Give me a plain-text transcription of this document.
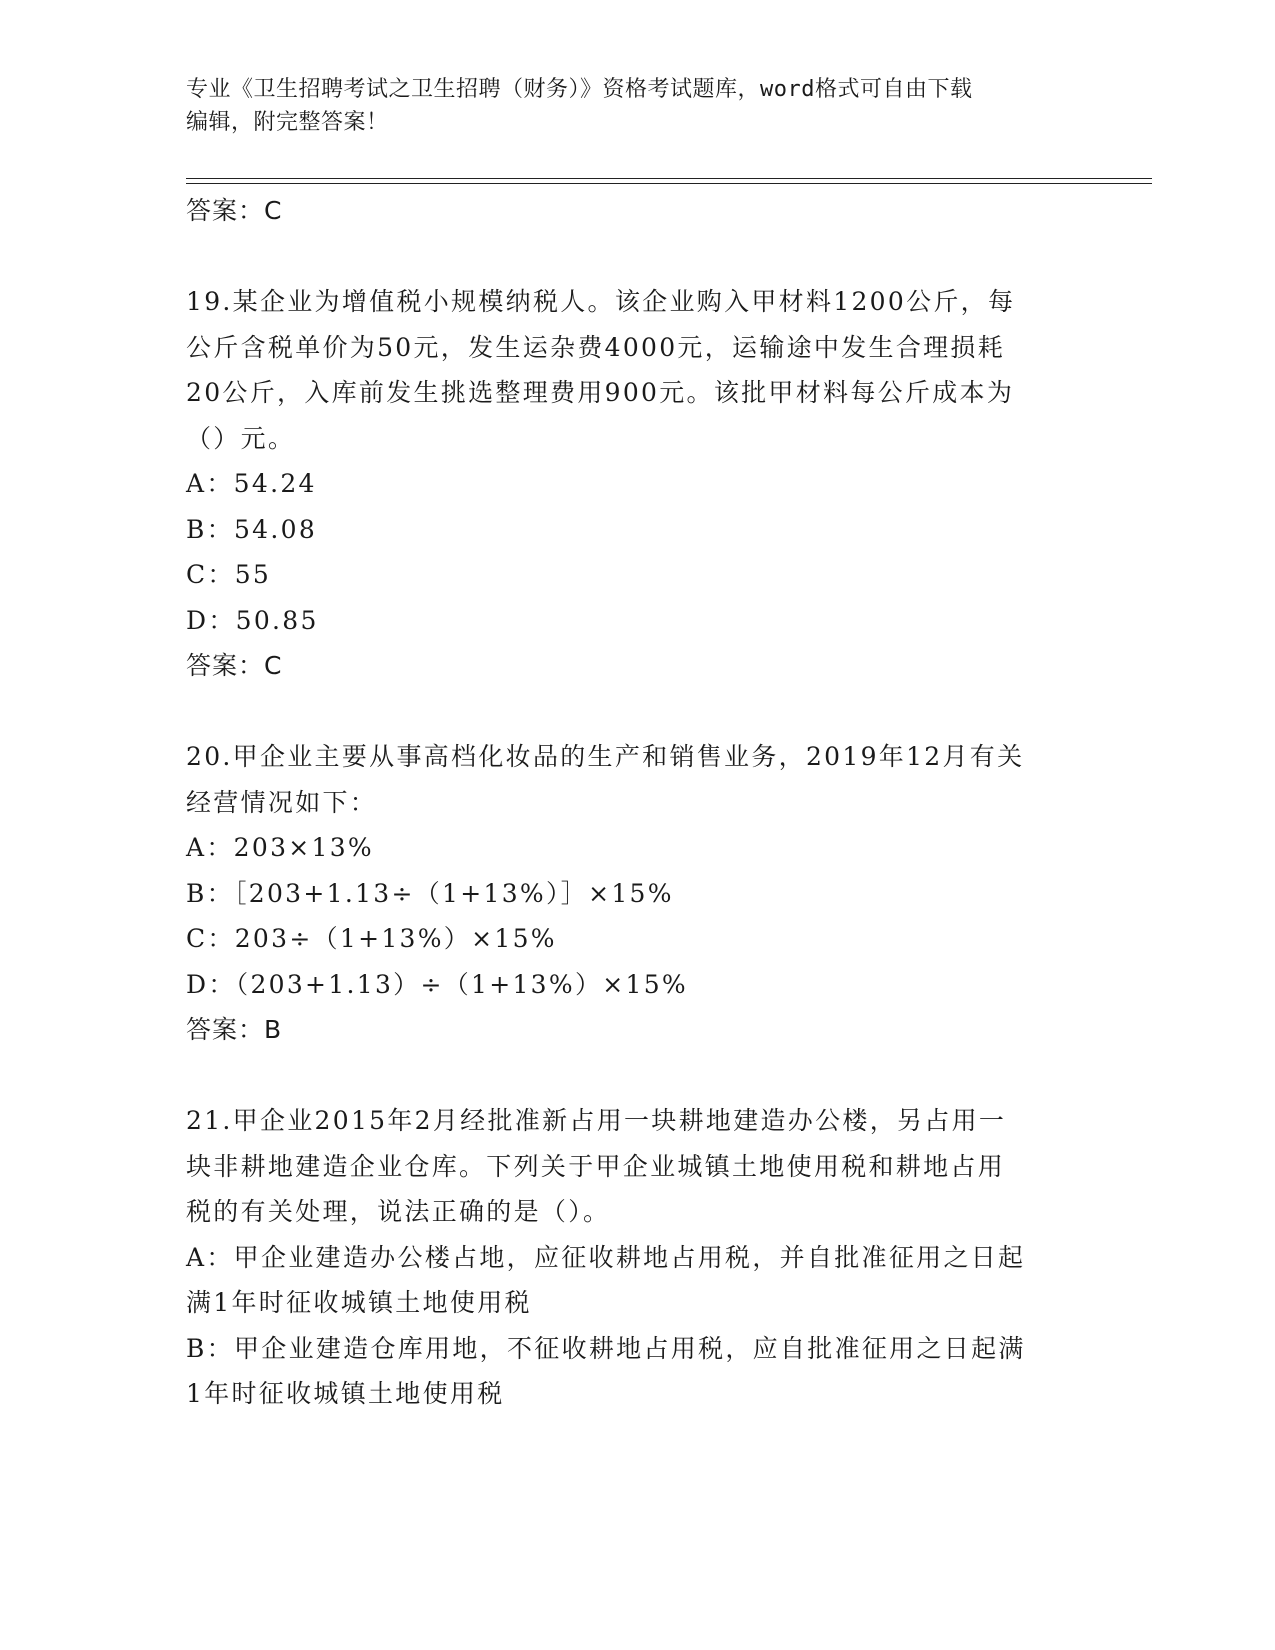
专业《卫生招聘考试之卫生招聘（财务）》资格考试题库，word格式可自由下载
编辑，附完整答案！
答案：C
19.某企业为增值税小规模纳税人。该企业购入甲材料1200公斤，每
公斤含税单价为50元，发生运杂费4000元，运输途中发生合理损耗
20公斤，入库前发生挑选整理费用900元。该批甲材料每公斤成本为
（）元。
A：54.24
B：54.08
C：55
D：50.85
答案：C
20.甲企业主要从事高档化妆品的生产和销售业务，2019年12月有关
经营情况如下：
A：203×13%
B：［203+1.13÷（1+13%）］×15%
C：203÷（1+13%）×15%
D：（203+1.13）÷（1+13%）×15%
答案：B
21.甲企业2015年2月经批准新占用一块耕地建造办公楼，另占用一
块非耕地建造企业仓库。下列关于甲企业城镇土地使用税和耕地占用
税的有关处理，说法正确的是（）。
A：甲企业建造办公楼占地，应征收耕地占用税，并自批准征用之日起
满1年时征收城镇土地使用税
B：甲企业建造仓库用地，不征收耕地占用税，应自批准征用之日起满
1年时征收城镇土地使用税
